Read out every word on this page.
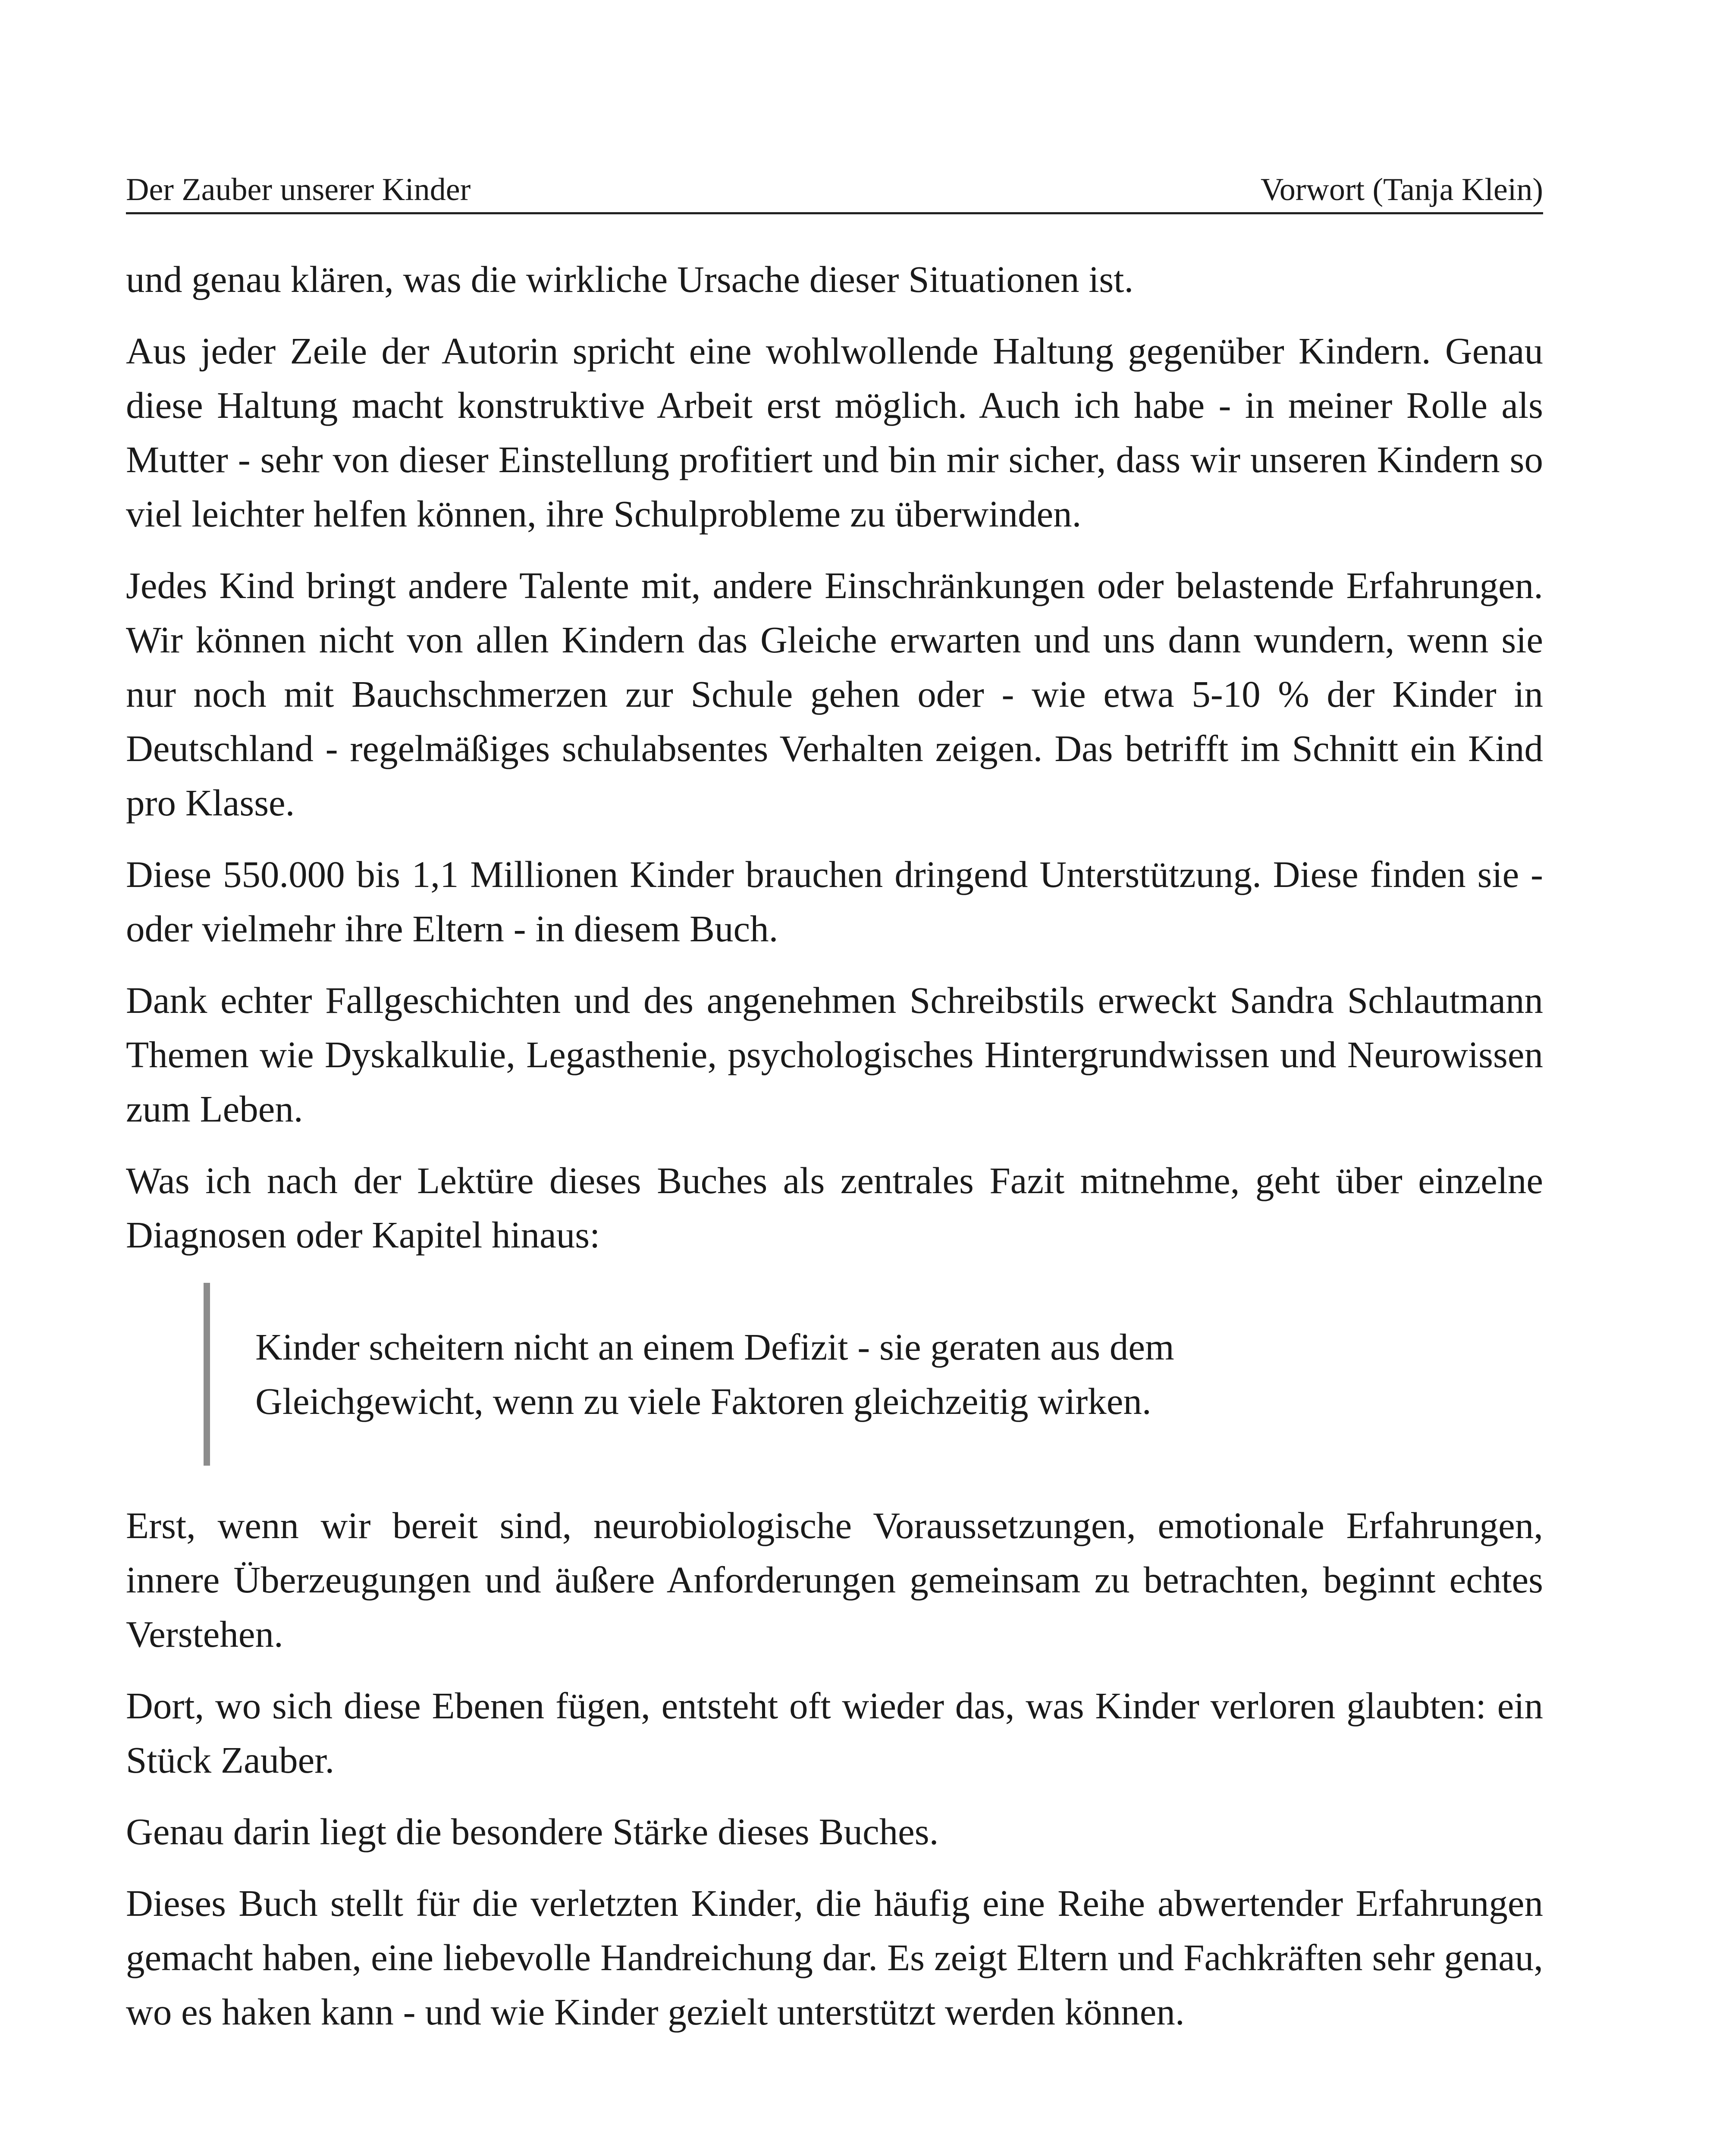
Der Zauber unserer Kinder	Vorwort (Tanja Klein)

und genau klären, was die wirkliche Ursache dieser Situationen ist.

Aus jeder Zeile der Autorin spricht eine wohlwollende Haltung gegenüber Kindern. Genau diese Haltung macht konstruktive Arbeit erst möglich. Auch ich habe - in meiner Rolle als Mutter - sehr von dieser Einstellung profitiert und bin mir sicher, dass wir unseren Kindern so viel leichter helfen können, ihre Schulprobleme zu überwinden.

Jedes Kind bringt andere Talente mit, andere Einschränkungen oder belastende Erfahrungen. Wir können nicht von allen Kindern das Gleiche erwarten und uns dann wundern, wenn sie nur noch mit Bauchschmerzen zur Schule gehen oder - wie etwa 5-10 % der Kinder in Deutschland - regelmäßiges schulabsentes Verhalten zeigen. Das betrifft im Schnitt ein Kind pro Klasse.

Diese 550.000 bis 1,1 Millionen Kinder brauchen dringend Unterstützung. Diese finden sie - oder vielmehr ihre Eltern - in diesem Buch.

Dank echter Fallgeschichten und des angenehmen Schreibstils erweckt Sandra Schlautmann Themen wie Dyskalkulie, Legasthenie, psychologisches Hintergrundwissen und Neurowissen zum Leben.

Was ich nach der Lektüre dieses Buches als zentrales Fazit mitnehme, geht über einzelne Diagnosen oder Kapitel hinaus:

Kinder scheitern nicht an einem Defizit - sie geraten aus dem

Gleichgewicht, wenn zu viele Faktoren gleichzeitig wirken.

Erst, wenn wir bereit sind, neurobiologische Voraussetzungen, emotionale Erfahrungen, innere Überzeugungen und äußere Anforderungen gemeinsam zu betrachten, beginnt echtes Verstehen.

Dort, wo sich diese Ebenen fügen, entsteht oft wieder das, was Kinder verloren glaubten: ein Stück Zauber.

Genau darin liegt die besondere Stärke dieses Buches.

Dieses Buch stellt für die verletzten Kinder, die häufig eine Reihe abwertender Erfahrungen gemacht haben, eine liebevolle Handreichung dar. Es zeigt Eltern und Fachkräften sehr genau, wo es haken kann - und wie Kinder gezielt unterstützt werden können.
